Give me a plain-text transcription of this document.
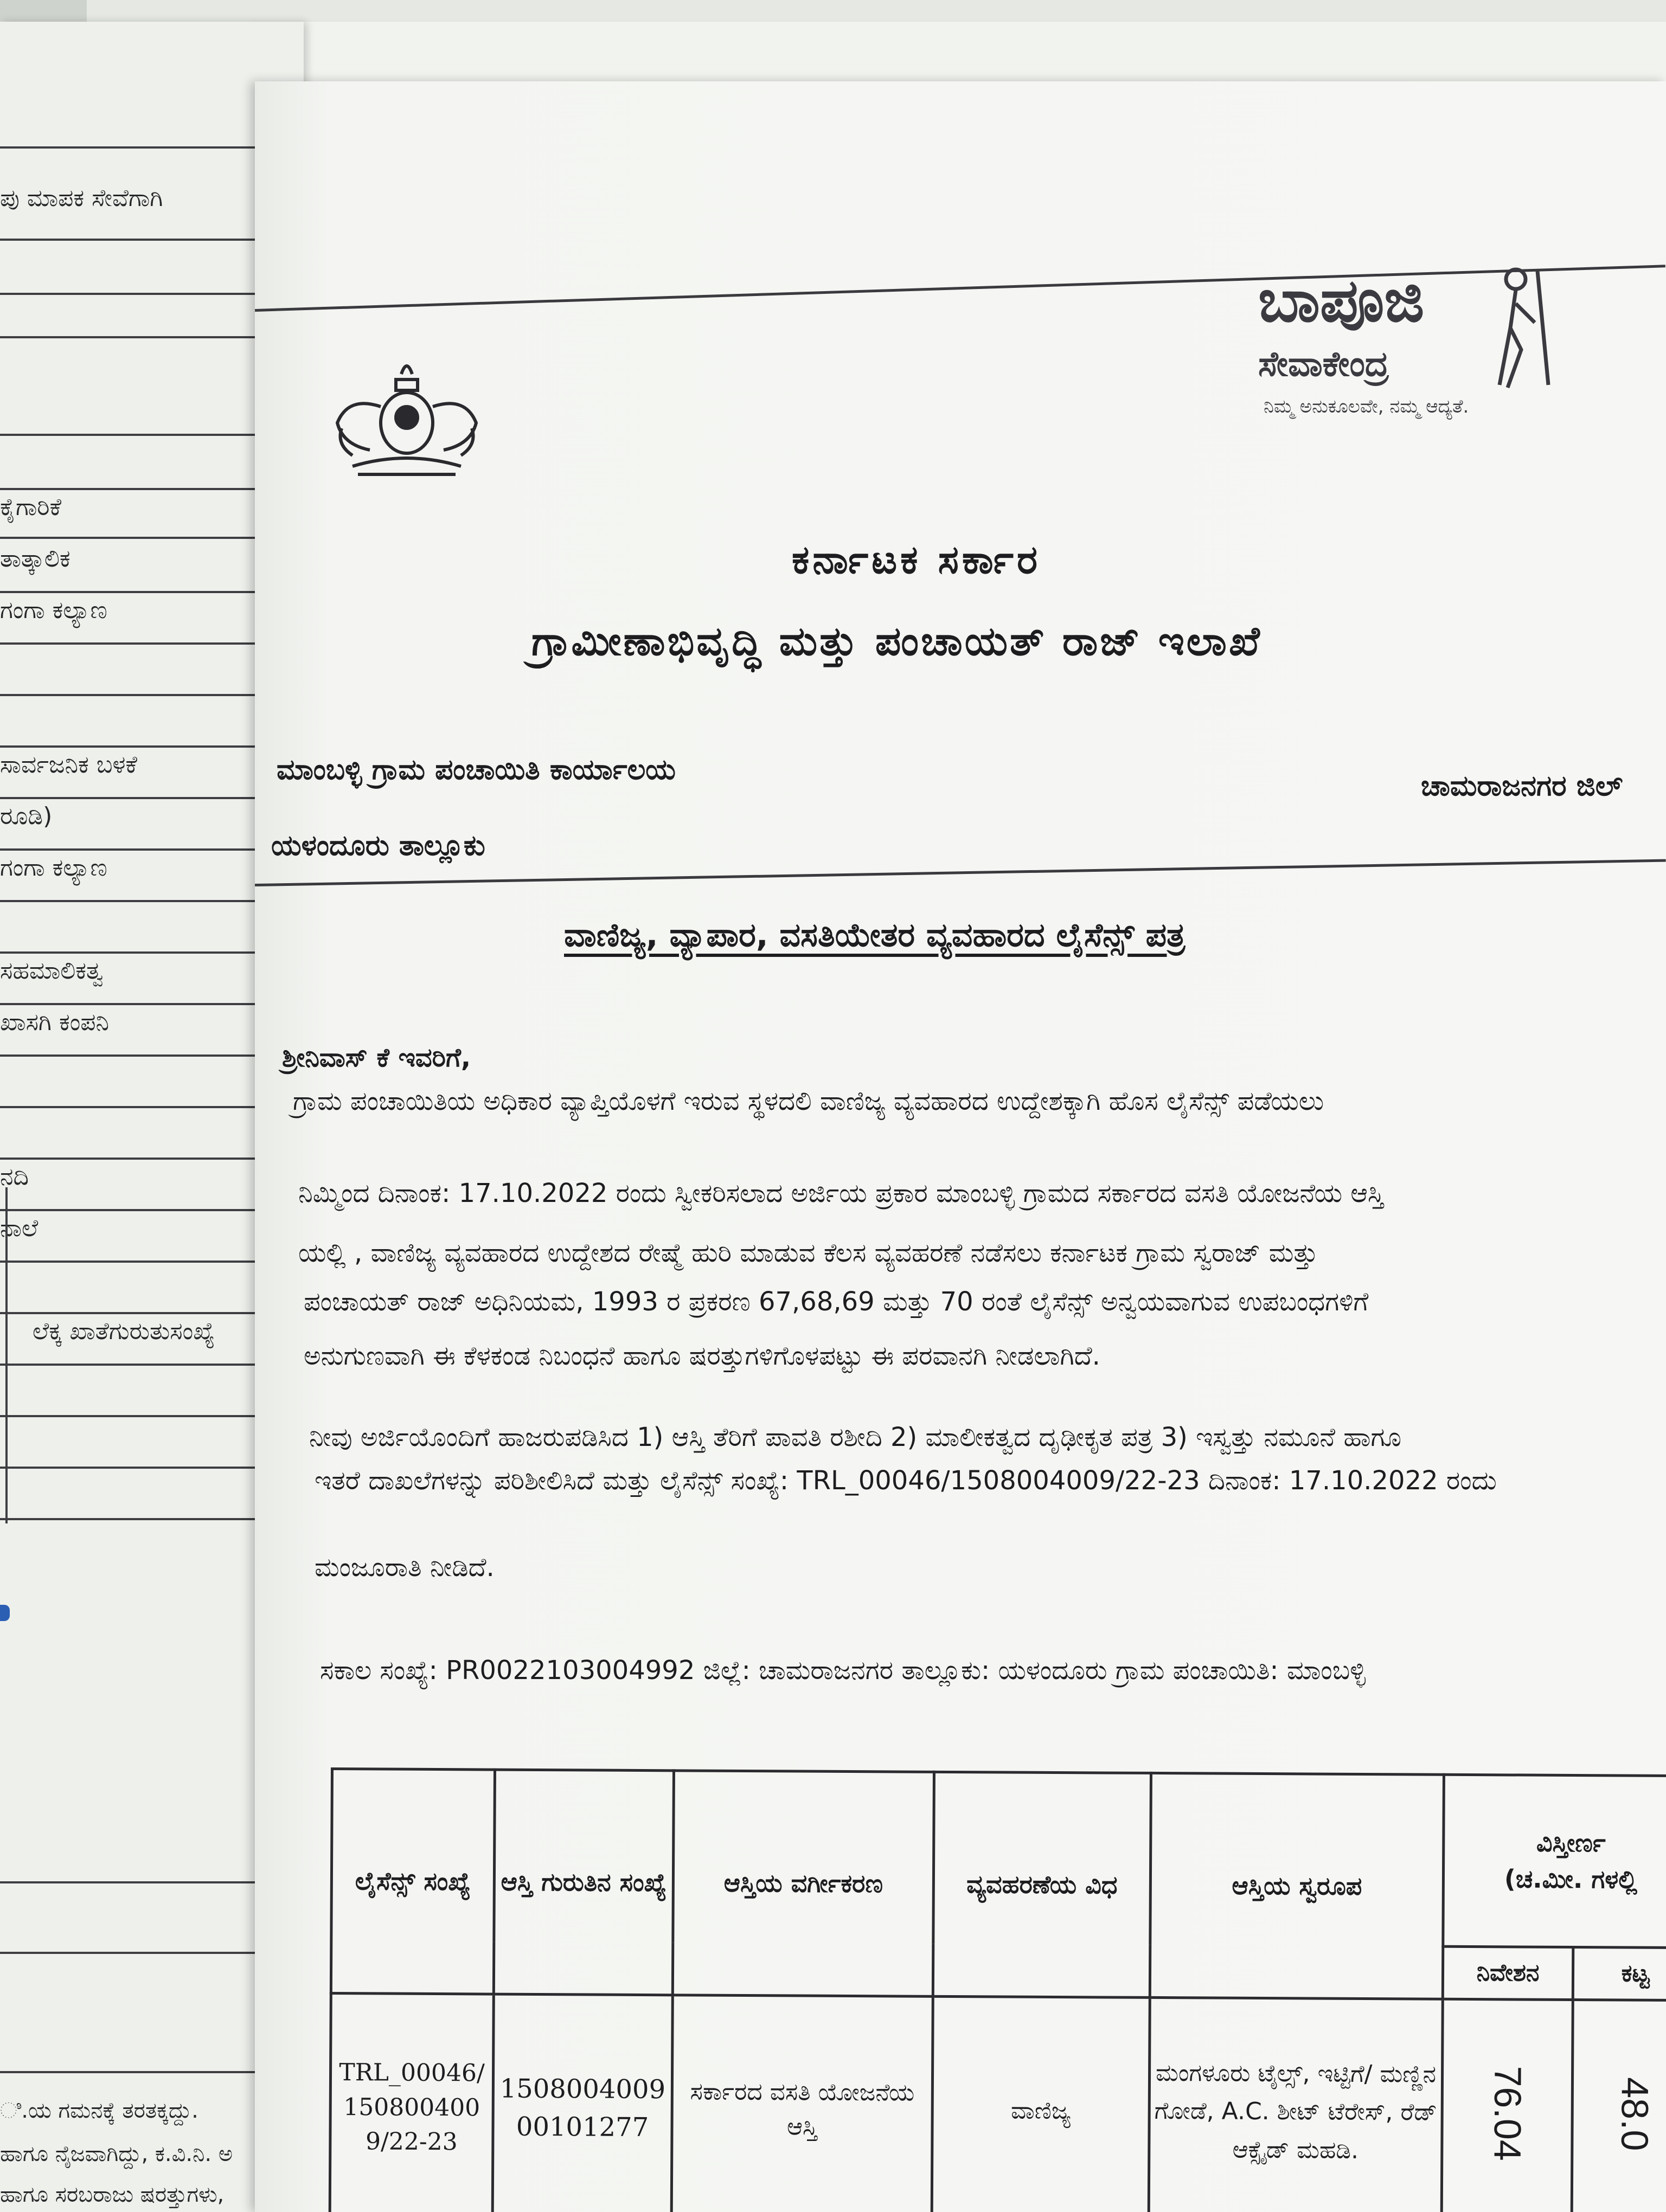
ಪು ಮಾಪಕ ಸೇವೆಗಾಗಿ
ಕೈಗಾರಿಕೆ
ತಾತ್ಕಾಲಿಕ
ಗಂಗಾ ಕಲ್ಯಾಣ
ಸಾರ್ವಜನಿಕ ಬಳಕೆ
ರೂಡಿ)
ಗಂಗಾ ಕಲ್ಯಾಣ
ಸಹಮಾಲಿಕತ್ವ
ಖಾಸಗಿ ಕಂಪನಿ
ನದಿ
ನಾಲೆ
ಲೆಕ್ಕ ಖಾತೆಗುರುತುಸಂಖ್ಯೆ
ಿ.ಯ ಗಮನಕ್ಕೆ ತರತಕ್ಕದ್ದು.
ಹಾಗೂ ನೈಜವಾಗಿದ್ದು, ಕ.ವಿ.ನಿ. ಅ
ಹಾಗೂ ಸರಬರಾಜು ಷರತ್ತುಗಳು,
ಬಾಪೂಜಿ
ಸೇವಾಕೇಂದ್ರ
ನಿಮ್ಮ ಅನುಕೂಲವೇ, ನಮ್ಮ ಆದ್ಯತೆ.
ಕರ್ನಾಟಕ ಸರ್ಕಾರ
ಗ್ರಾಮೀಣಾಭಿವೃದ್ಧಿ ಮತ್ತು ಪಂಚಾಯತ್ ರಾಜ್ ಇಲಾಖೆ
ಮಾಂಬಳ್ಳಿ ಗ್ರಾಮ ಪಂಚಾಯಿತಿ ಕಾರ್ಯಾಲಯ	ಚಾಮರಾಜನಗರ ಜಿಲ್
ಯಳಂದೂರು ತಾಲ್ಲೂಕು
ವಾಣಿಜ್ಯ, ವ್ಯಾಪಾರ, ವಸತಿಯೇತರ ವ್ಯವಹಾರದ ಲೈಸೆನ್ಸ್ ಪತ್ರ
ಶ್ರೀನಿವಾಸ್ ಕೆ ಇವರಿಗೆ,
ಗ್ರಾಮ ಪಂಚಾಯಿತಿಯ ಅಧಿಕಾರ ವ್ಯಾಪ್ತಿಯೊಳಗೆ ಇರುವ ಸ್ಥಳದಲಿ ವಾಣಿಜ್ಯ ವ್ಯವಹಾರದ ಉದ್ದೇಶಕ್ಕಾಗಿ ಹೊಸ ಲೈಸೆನ್ಸ್ ಪಡೆಯಲು
ನಿಮ್ಮಿಂದ ದಿನಾಂಕ: 17.10.2022 ರಂದು ಸ್ವೀಕರಿಸಲಾದ ಅರ್ಜಿಯ ಪ್ರಕಾರ ಮಾಂಬಳ್ಳಿ ಗ್ರಾಮದ ಸರ್ಕಾರದ ವಸತಿ ಯೋಜನೆಯ ಆಸ್ತಿ
ಯಲ್ಲಿ , ವಾಣಿಜ್ಯ ವ್ಯವಹಾರದ ಉದ್ದೇಶದ ರೇಷ್ಮೆ ಹುರಿ ಮಾಡುವ ಕೆಲಸ ವ್ಯವಹರಣೆ ನಡೆಸಲು ಕರ್ನಾಟಕ ಗ್ರಾಮ ಸ್ವರಾಜ್ ಮತ್ತು
ಪಂಚಾಯತ್ ರಾಜ್ ಅಧಿನಿಯಮ, 1993 ರ ಪ್ರಕರಣ 67,68,69 ಮತ್ತು 70 ರಂತೆ ಲೈಸೆನ್ಸ್ ಅನ್ವಯವಾಗುವ ಉಪಬಂಧಗಳಿಗೆ
ಅನುಗುಣವಾಗಿ ಈ ಕೆಳಕಂಡ ನಿಬಂಧನೆ ಹಾಗೂ ಷರತ್ತುಗಳಿಗೊಳಪಟ್ಟು ಈ ಪರವಾನಗಿ ನೀಡಲಾಗಿದೆ.
ನೀವು ಅರ್ಜಿಯೊಂದಿಗೆ ಹಾಜರುಪಡಿಸಿದ 1) ಆಸ್ತಿ ತೆರಿಗೆ ಪಾವತಿ ರಶೀದಿ 2) ಮಾಲೀಕತ್ವದ ದೃಢೀಕೃತ ಪತ್ರ 3) ಇಸ್ವತ್ತು ನಮೂನೆ ಹಾಗೂ
ಇತರೆ ದಾಖಲೆಗಳನ್ನು ಪರಿಶೀಲಿಸಿದೆ ಮತ್ತು ಲೈಸೆನ್ಸ್ ಸಂಖ್ಯೆ: TRL_00046/1508004009/22-23 ದಿನಾಂಕ: 17.10.2022 ರಂದು
ಮಂಜೂರಾತಿ ನೀಡಿದೆ.
ಸಕಾಲ ಸಂಖ್ಯೆ: PR0022103004992 ಜಿಲ್ಲೆ: ಚಾಮರಾಜನಗರ ತಾಲ್ಲೂಕು: ಯಳಂದೂರು ಗ್ರಾಮ ಪಂಚಾಯಿತಿ: ಮಾಂಬಳ್ಳಿ
ಲೈಸೆನ್ಸ್ ಸಂಖ್ಯೆ	ಆಸ್ತಿ ಗುರುತಿನ ಸಂಖ್ಯೆ	ಆಸ್ತಿಯ ವರ್ಗೀಕರಣ	ವ್ಯವಹರಣೆಯ ವಿಧ	ಆಸ್ತಿಯ ಸ್ವರೂಪ	ವಿಸ್ತೀರ್ಣ
(ಚ.ಮೀ. ಗಳಲ್ಲಿ	

					ನಿವೇಶನ	ಕಟ್ಟ
TRL_00046/1508004009/22-23	150800400900101277	ಸರ್ಕಾರದ ವಸತಿ ಯೋಜನೆಯ ಆಸ್ತಿ	ವಾಣಿಜ್ಯ	ಮಂಗಳೂರು ಟೈಲ್ಸ್, ಇಟ್ಟಿಗೆ/ ಮಣ್ಣಿನ ಗೋಡೆ, A.C. ಶೀಟ್ ಟೆರೇಸ್, ರೆಡ್ ಆಕ್ಸೈಡ್ ಮಹಡಿ.	76.04	48.0
